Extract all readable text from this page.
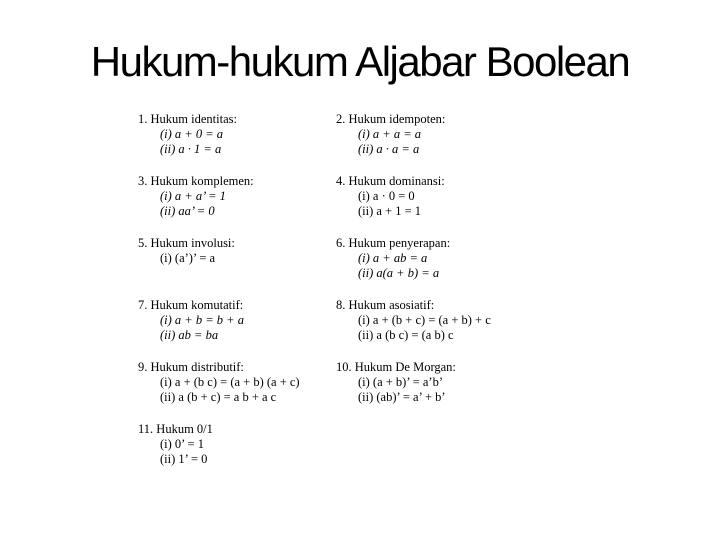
Hukum-hukum Aljabar Boolean
1. Hukum identitas:
(i) a + 0 = a
(ii) a · 1 = a
2. Hukum idempoten:
(i) a + a = a
(ii) a · a = a
3. Hukum komplemen:
(i) a + a’ = 1
(ii) aa’ = 0
4. Hukum dominansi:
(i) a · 0 = 0
(ii) a + 1 = 1
5. Hukum involusi:
(i) (a’)’ = a
6. Hukum penyerapan:
(i) a + ab = a
(ii) a(a + b) = a
7. Hukum komutatif:
(i) a + b = b + a
(ii) ab = ba
8. Hukum asosiatif:
(i) a + (b + c) = (a + b) + c
(ii) a (b c) = (a b) c
9. Hukum distributif:
(i) a + (b c) = (a + b) (a + c)
(ii) a (b + c) = a b + a c
10. Hukum De Morgan:
(i) (a + b)’ = a’b’
(ii) (ab)’ = a’ + b’
11. Hukum 0/1
(i) 0’ = 1
(ii) 1’ = 0
